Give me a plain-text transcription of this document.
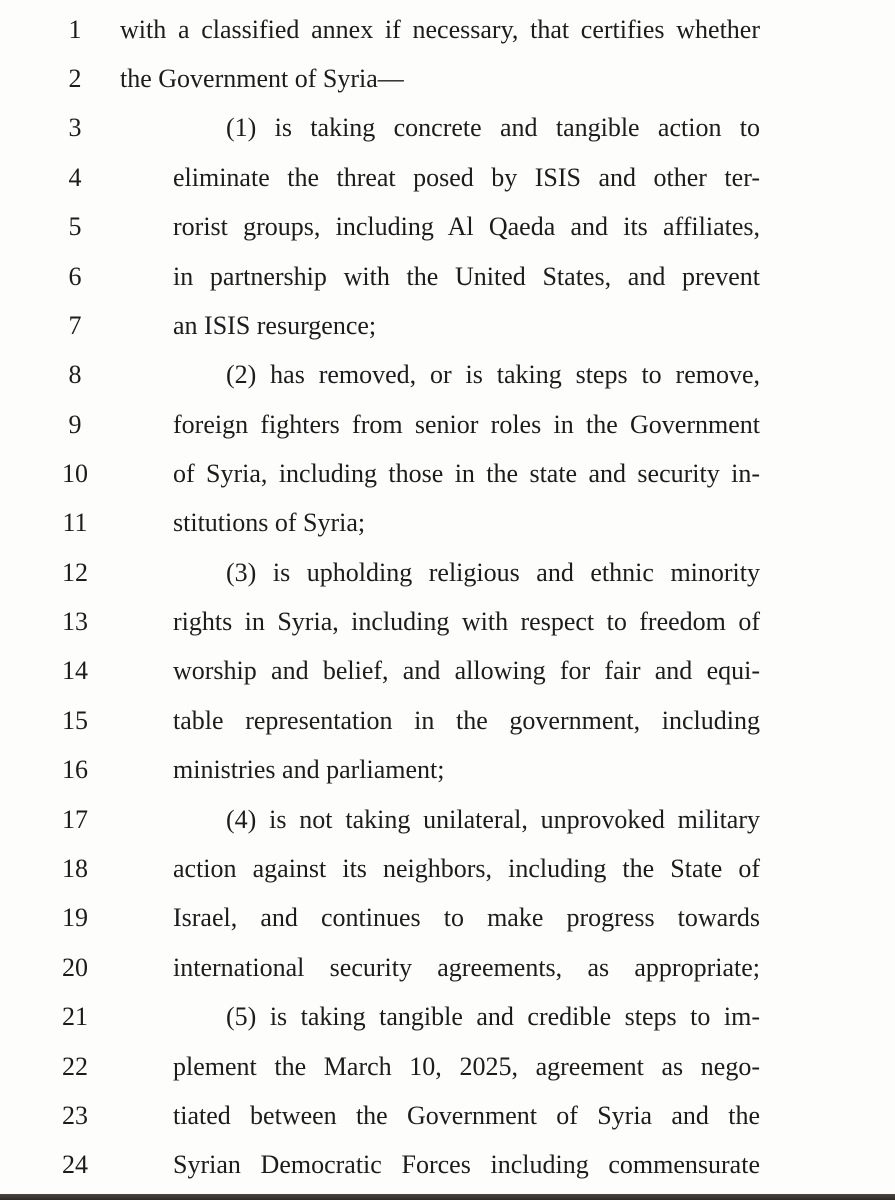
1	with a classified annex if necessary, that certifies whether
2	the Government of Syria—
3	(1) is taking concrete and tangible action to
4	eliminate the threat posed by ISIS and other ter-
5	rorist groups, including Al Qaeda and its affiliates,
6	in partnership with the United States, and prevent
7	an ISIS resurgence;
8	(2) has removed, or is taking steps to remove,
9	foreign fighters from senior roles in the Government
10	of Syria, including those in the state and security in-
11	stitutions of Syria;
12	(3) is upholding religious and ethnic minority
13	rights in Syria, including with respect to freedom of
14	worship and belief, and allowing for fair and equi-
15	table representation in the government, including
16	ministries and parliament;
17	(4) is not taking unilateral, unprovoked military
18	action against its neighbors, including the State of
19	Israel, and continues to make progress towards
20	international security agreements, as appropriate;
21	(5) is taking tangible and credible steps to im-
22	plement the March 10, 2025, agreement as nego-
23	tiated between the Government of Syria and the
24	Syrian Democratic Forces including commensurate
